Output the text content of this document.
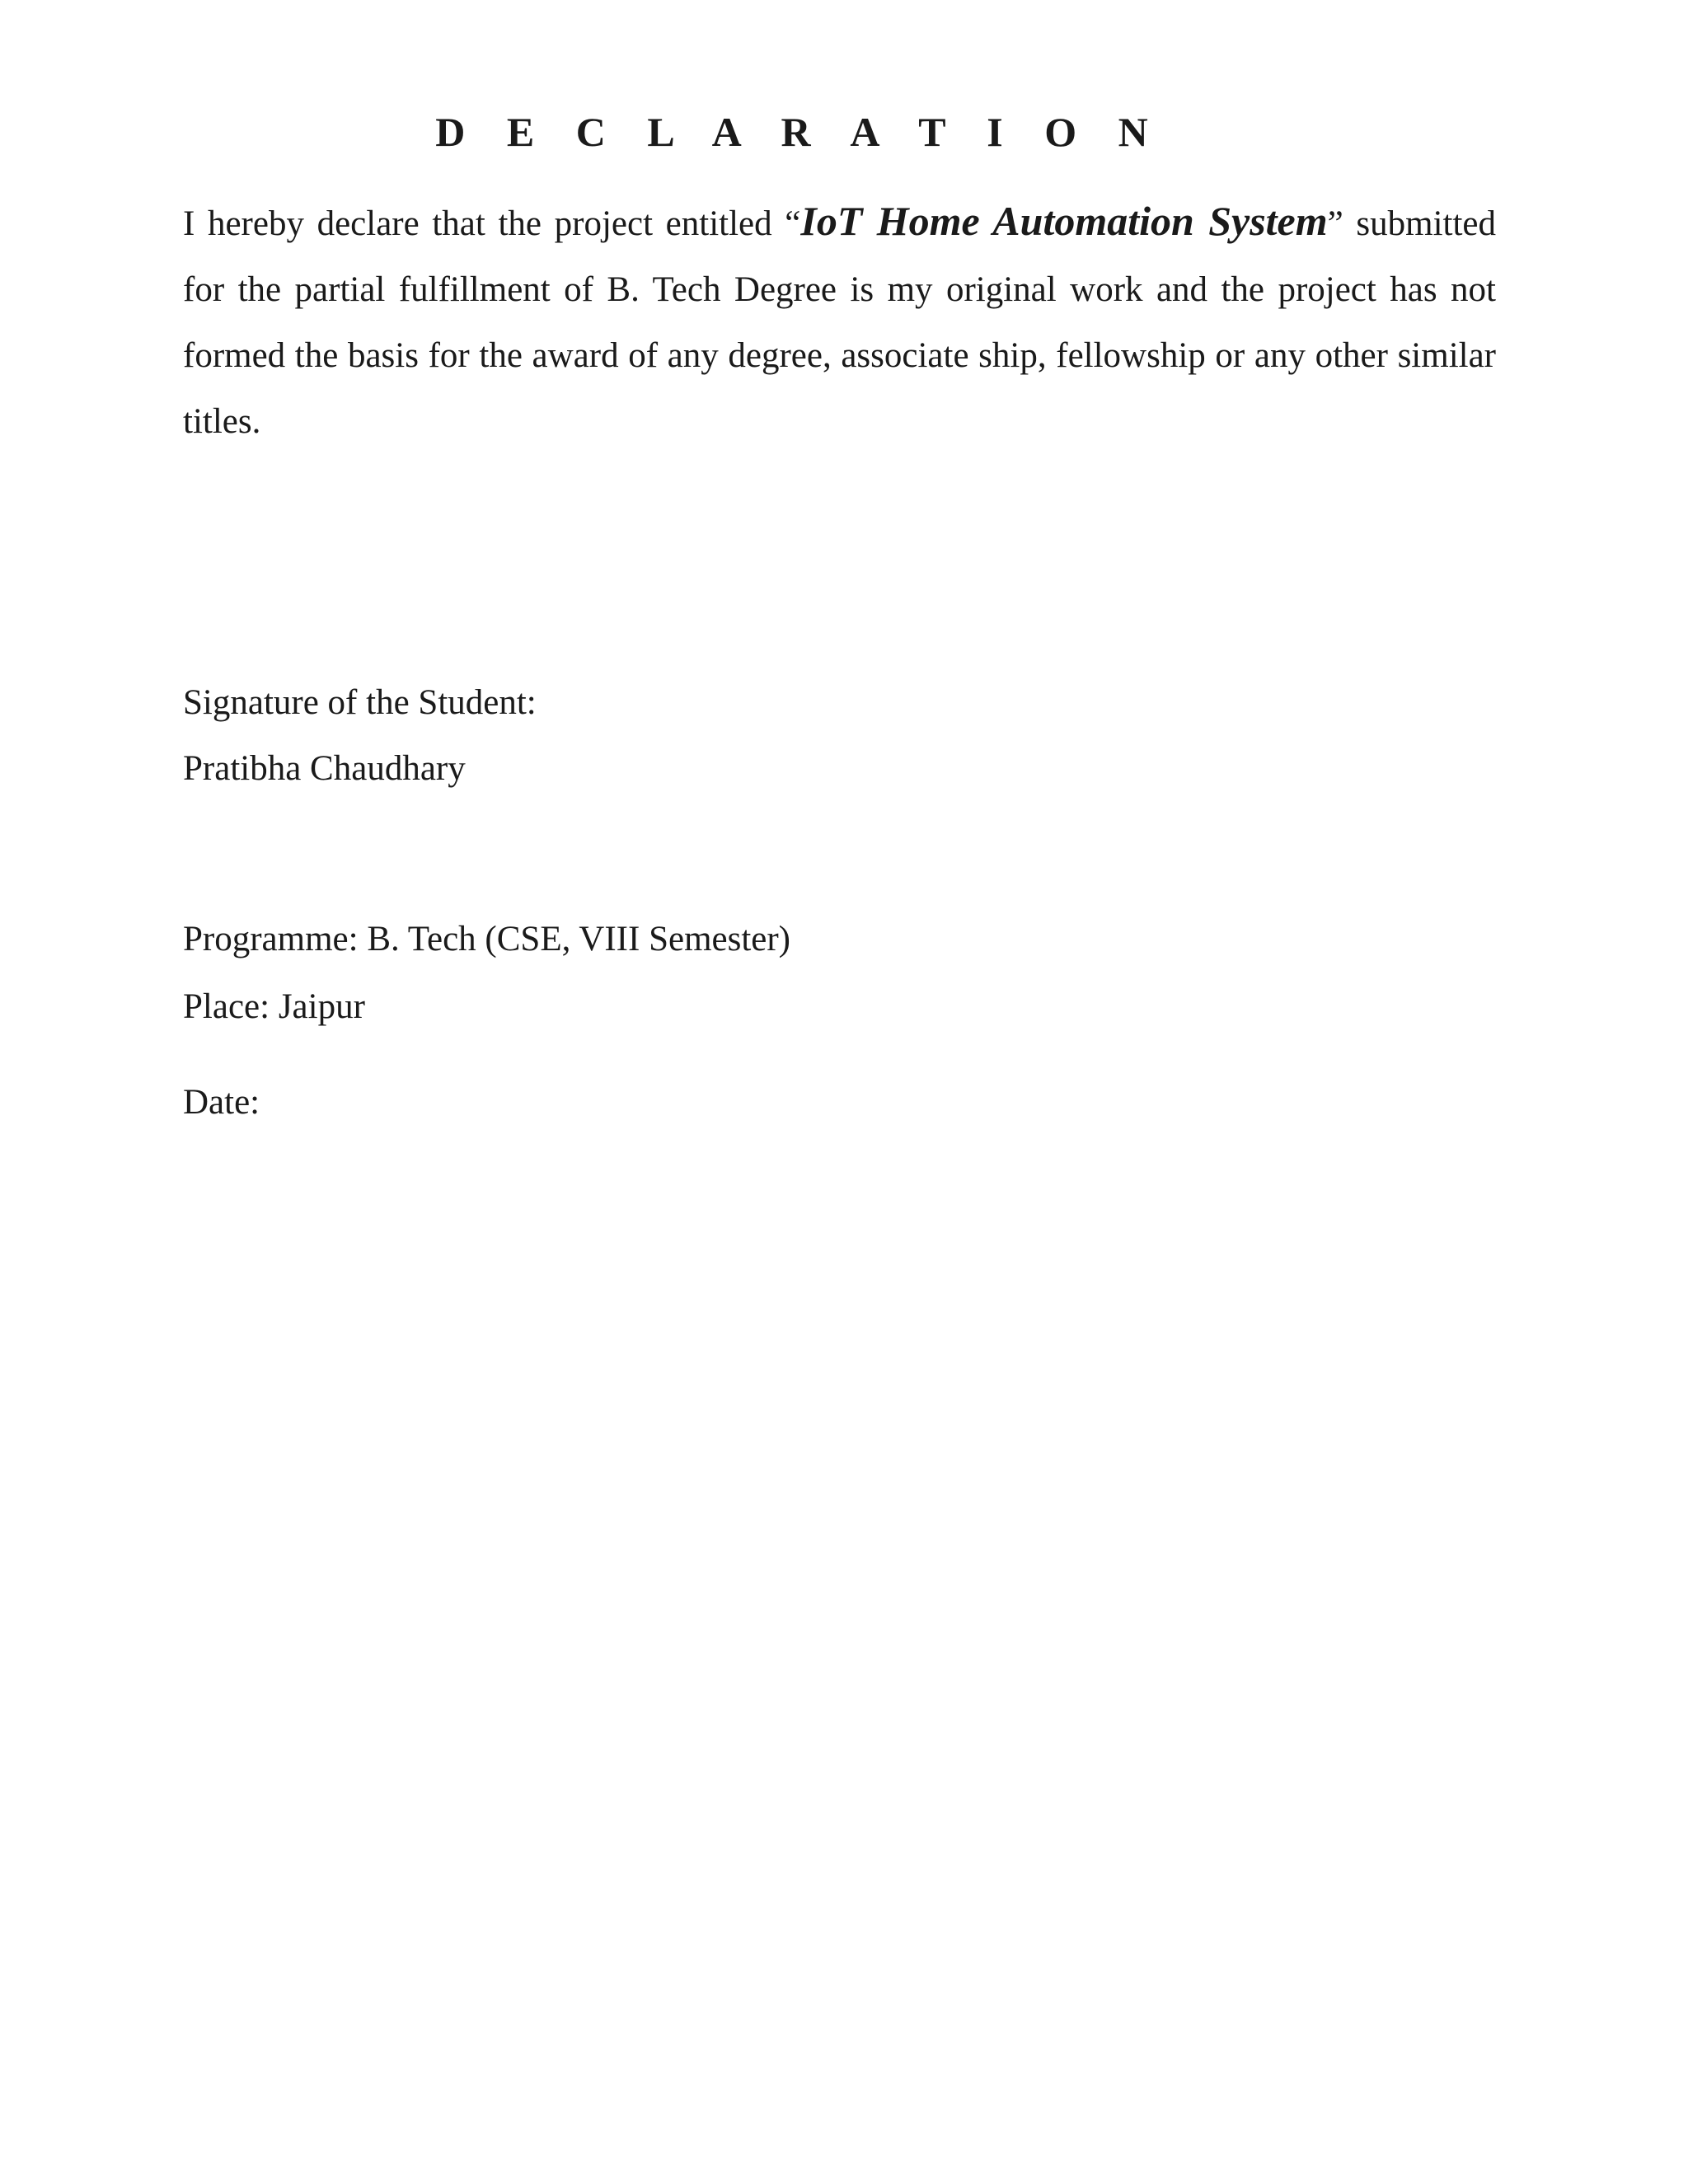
D E C L A R A T I O N
I hereby declare that the project entitled “IoT Home Automation System” submitted for the partial fulfillment of B. Tech Degree is my original work and the project has not formed the basis for the award of any degree, associate ship, fellowship or any other similar titles.
Signature of the Student:
Pratibha Chaudhary
Programme: B. Tech (CSE, VIII Semester)
Place: Jaipur
Date:
